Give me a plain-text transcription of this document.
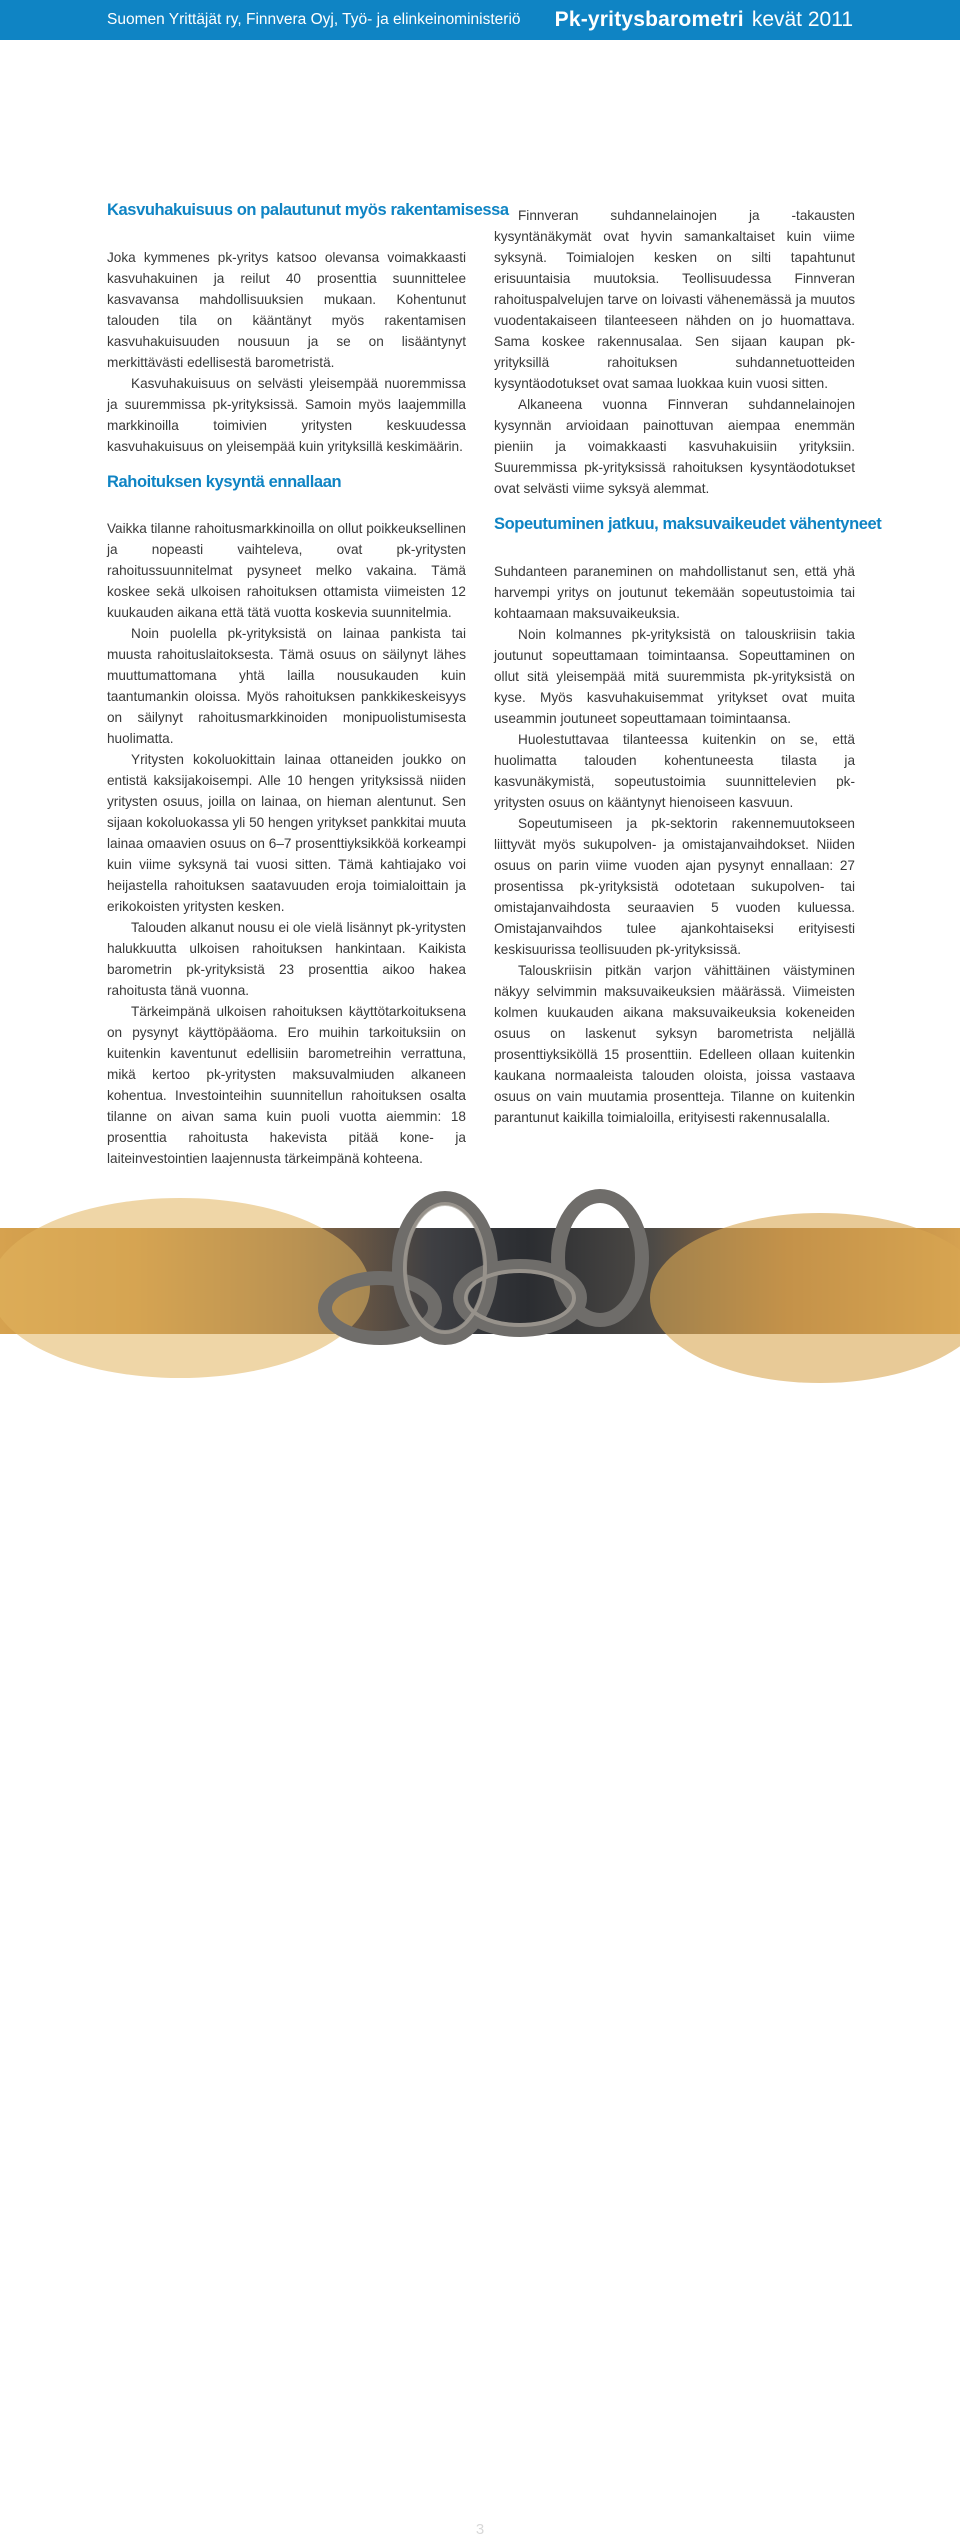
Suomen Yrittäjät ry, Finnvera Oyj, Työ- ja elinkeinoministeriö Pk-yritysbarometri kevät 2011
Kasvuhakuisuus on palautunut myös rakentamisessa

Joka kymmenes pk-yritys katsoo olevansa voimakkaasti kasvuhakuinen ja reilut 40 prosenttia suunnittelee kasvavansa mahdollisuuksien mukaan. Kohentunut talouden tila on kääntänyt myös rakentamisen kasvuhakuisuuden nousuun ja se on lisääntynyt merkittävästi edellisestä barometristä.

Kasvuhakuisuus on selvästi yleisempää nuoremmissa ja suuremmissa pk-yrityksissä. Samoin myös laajemmilla markkinoilla toimivien yritysten keskuudessa kasvuhakuisuus on yleisempää kuin yrityksillä keskimäärin.

Rahoituksen kysyntä ennallaan

Vaikka tilanne rahoitusmarkkinoilla on ollut poikkeuksellinen ja nopeasti vaihteleva, ovat pk-yritysten rahoitussuunnitelmat pysyneet melko vakaina. Tämä koskee sekä ulkoisen rahoituksen ottamista viimeisten 12 kuukauden aikana että tätä vuotta koskevia suunnitelmia.

Noin puolella pk-yrityksistä on lainaa pankista tai muusta rahoituslaitoksesta. Tämä osuus on säilynyt lähes muuttumattomana yhtä lailla nousukauden kuin taantumankin oloissa. Myös rahoituksen pankkikeskeisyys on säilynyt rahoitusmarkkinoiden monipuolistumisesta huolimatta.

Yritysten kokoluokittain lainaa ottaneiden joukko on entistä kaksijakoisempi. Alle 10 hengen yrityksissä niiden yritysten osuus, joilla on lainaa, on hieman alentunut. Sen sijaan kokoluokassa yli 50 hengen yritykset pankkitai muuta lainaa omaavien osuus on 6–7 prosenttiyksikköä korkeampi kuin viime syksynä tai vuosi sitten. Tämä kahtiajako voi heijastella rahoituksen saatavuuden eroja toimialoittain ja erikokoisten yritysten kesken.

Talouden alkanut nousu ei ole vielä lisännyt pk-yritysten halukkuutta ulkoisen rahoituksen hankintaan. Kaikista barometrin pk-yrityksistä 23 prosenttia aikoo hakea rahoitusta tänä vuonna.

Tärkeimpänä ulkoisen rahoituksen käyttötarkoituksena on pysynyt käyttöpääoma. Ero muihin tarkoituksiin on kuitenkin kaventunut edellisiin barometreihin verrattuna, mikä kertoo pk-yritysten maksuvalmiuden alkaneen kohentua. Investointeihin suunnitellun rahoituksen osalta tilanne on aivan sama kuin puoli vuotta aiemmin: 18 prosenttia rahoitusta hakevista pitää kone- ja laiteinvestointien laajennusta tärkeimpänä kohteena.

Finnveran suhdannelainojen ja -takausten kysyntänäkymät ovat hyvin samankaltaiset kuin viime syksynä. Toimialojen kesken on silti tapahtunut erisuuntaisia muutoksia. Teollisuudessa Finnveran rahoituspalvelujen tarve on loivasti vähenemässä ja muutos vuodentakaiseen tilanteeseen nähden on jo huomattava. Sama koskee rakennusalaa. Sen sijaan kaupan pk-yrityksillä rahoituksen suhdannetuotteiden kysyntäodotukset ovat samaa luokkaa kuin vuosi sitten.

Alkaneena vuonna Finnveran suhdannelainojen kysynnän arvioidaan painottuvan aiempaa enemmän pieniin ja voimakkaasti kasvuhakuisiin yrityksiin. Suuremmissa pk-yrityksissä rahoituksen kysyntäodotukset ovat selvästi viime syksyä alemmat.

Sopeutuminen jatkuu, maksuvaikeudet vähentyneet

Suhdanteen paraneminen on mahdollistanut sen, että yhä harvempi yritys on joutunut tekemään sopeutustoimia tai kohtaamaan maksuvaikeuksia.

Noin kolmannes pk-yrityksistä on talouskriisin takia joutunut sopeuttamaan toimintaansa. Sopeuttaminen on ollut sitä yleisempää mitä suuremmista pk-yrityksistä on kyse. Myös kasvuhakuisemmat yritykset ovat muita useammin joutuneet sopeuttamaan toimintaansa.

Huolestuttavaa tilanteessa kuitenkin on se, että huolimatta talouden kohentuneesta tilasta ja kasvunäkymistä, sopeutustoimia suunnittelevien pk-yritysten osuus on kääntynyt hienoiseen kasvuun.

Sopeutumiseen ja pk-sektorin rakennemuutokseen liittyvät myös sukupolven- ja omistajanvaihdokset. Niiden osuus on parin viime vuoden ajan pysynyt ennallaan: 27 prosentissa pk-yrityksistä odotetaan sukupolven- tai omistajanvaihdosta seuraavien 5 vuoden kuluessa. Omistajanvaihdos tulee ajankohtaiseksi erityisesti keskisuurissa teollisuuden pk-yrityksissä.

Talouskriisin pitkän varjon vähittäinen väistyminen näkyy selvimmin maksuvaikeuksien määrässä. Viimeisten kolmen kuukauden aikana maksuvaikeuksia kokeneiden osuus on laskenut syksyn barometrista neljällä prosenttiyksiköllä 15 prosenttiin. Edelleen ollaan kuitenkin kaukana normaaleista talouden oloista, joissa vastaava osuus on vain muutamia prosentteja. Tilanne on kuitenkin parantunut kaikilla toimialoilla, erityisesti rakennusalalla.

3
